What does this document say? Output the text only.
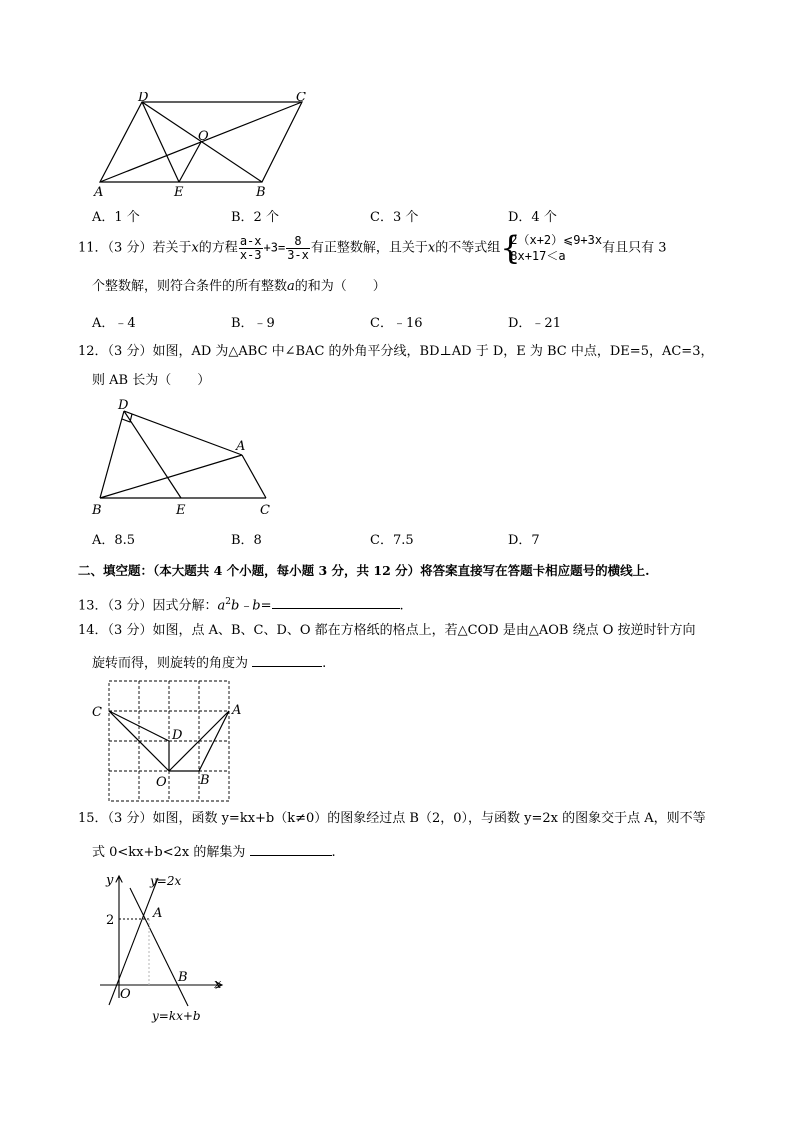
D	C
O
A	E	B
A．1 个	B．2 个	C．3 个	D．4 个
11．（3 分）若关于x的方程 $\frac{a-x}{x-3} +3= \frac{8}{3-x}$ 有正整数解，且关于x的不等式组 {
2（x+2）⩽9+3x
8x+17＜a
有且只有 3
个整数解，则符合条件的所有整数a的和为（　　）
A．﹣4	B．﹣9	C．﹣16	D．﹣21
12．（3 分）如图，AD 为△ABC 中∠BAC 的外角平分线，BD⊥AD 于 D，E 为 BC 中点，DE=5，AC=3，
则 AB 长为（　　）
D
A
B	E	C
A．8.5	B．8	C．7.5	D．7
二、填空题：（本大题共 4 个小题，每小题 3 分，共 12 分）将答案直接写在答题卡相应题号的横线上.
13．（3 分）因式分解：$a^2b﹣b=$	.
14．（3 分）如图，点 A、B、C、D、O 都在方格纸的格点上，若△COD 是由△AOB 绕点 O 按逆时针方向
旋转而得，则旋转的角度为	.
C	A
D
O	B
15．（3 分）如图，函数 y=kx+b（k≠0）的图象经过点 B（2，0），与函数 y=2x 的图象交于点 A，则不等
式 0<kx+b<2x 的解集为	.
y	y=2x
2	A
B x
O
y=kx+b
